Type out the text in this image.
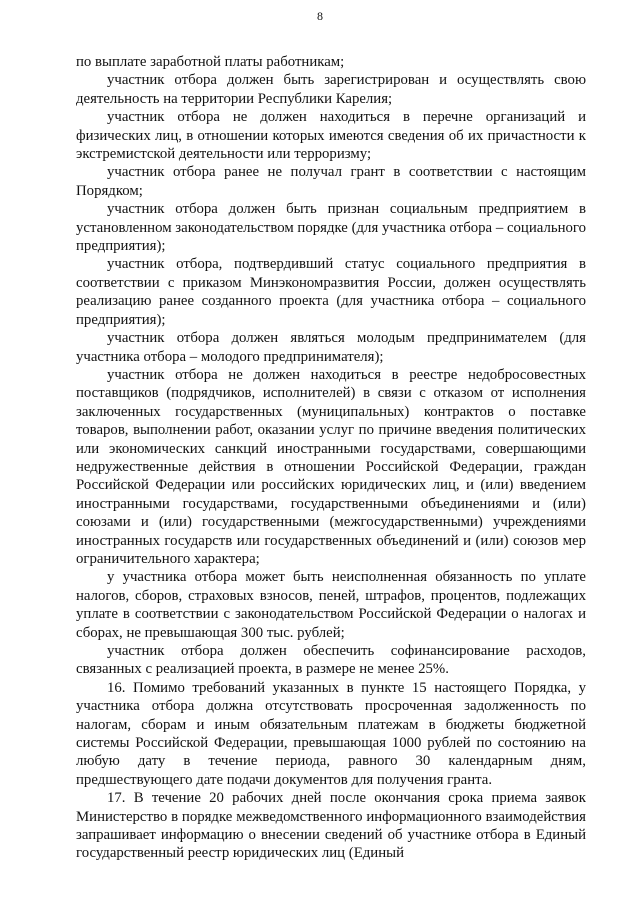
8

по выплате заработной платы работникам;

участник отбора должен быть зарегистрирован и осуществлять свою деятельность на территории Республики Карелия;

участник отбора не должен находиться в перечне организаций и физических лиц, в отношении которых имеются сведения об их причастности к экстремистской деятельности или терроризму;

участник отбора ранее не получал грант в соответствии с настоящим Порядком;

участник отбора должен быть признан социальным предприятием в установленном законодательством порядке (для участника отбора – социального предприятия);

участник отбора, подтвердивший статус социального предприятия в соответствии с приказом Минэкономразвития России, должен осуществлять реализацию ранее созданного проекта (для участника отбора – социального предприятия);

участник отбора должен являться молодым предпринимателем (для участника отбора – молодого предпринимателя);

участник отбора не должен находиться в реестре недобросовестных поставщиков (подрядчиков, исполнителей) в связи с отказом от исполнения заключенных государственных (муниципальных) контрактов о поставке товаров, выполнении работ, оказании услуг по причине введения политических или экономических санкций иностранными государствами, совершающими недружественные действия в отношении Российской Федерации, граждан Российской Федерации или российских юридических лиц, и (или) введением иностранными государствами, государственными объединениями и (или) союзами и (или) государственными (межгосударственными) учреждениями иностранных государств или государственных объединений и (или) союзов мер ограничительного характера;

у участника отбора может быть неисполненная обязанность по уплате налогов, сборов, страховых взносов, пеней, штрафов, процентов, подлежащих уплате в соответствии с законодательством Российской Федерации о налогах и сборах, не превышающая 300 тыс. рублей;

участник отбора должен обеспечить софинансирование расходов, связанных с реализацией проекта, в размере не менее 25%.

16. Помимо требований указанных в пункте 15 настоящего Порядка, у участника отбора должна отсутствовать просроченная задолженность по налогам, сборам и иным обязательным платежам в бюджеты бюджетной системы Российской Федерации, превышающая 1000 рублей по состоянию на любую дату в течение периода, равного 30 календарным дням, предшествующего дате подачи документов для получения гранта.

17. В течение 20 рабочих дней после окончания срока приема заявок Министерство в порядке межведомственного информационного взаимодействия запрашивает информацию о внесении сведений об участнике отбора в Единый государственный реестр юридических лиц (Единый
